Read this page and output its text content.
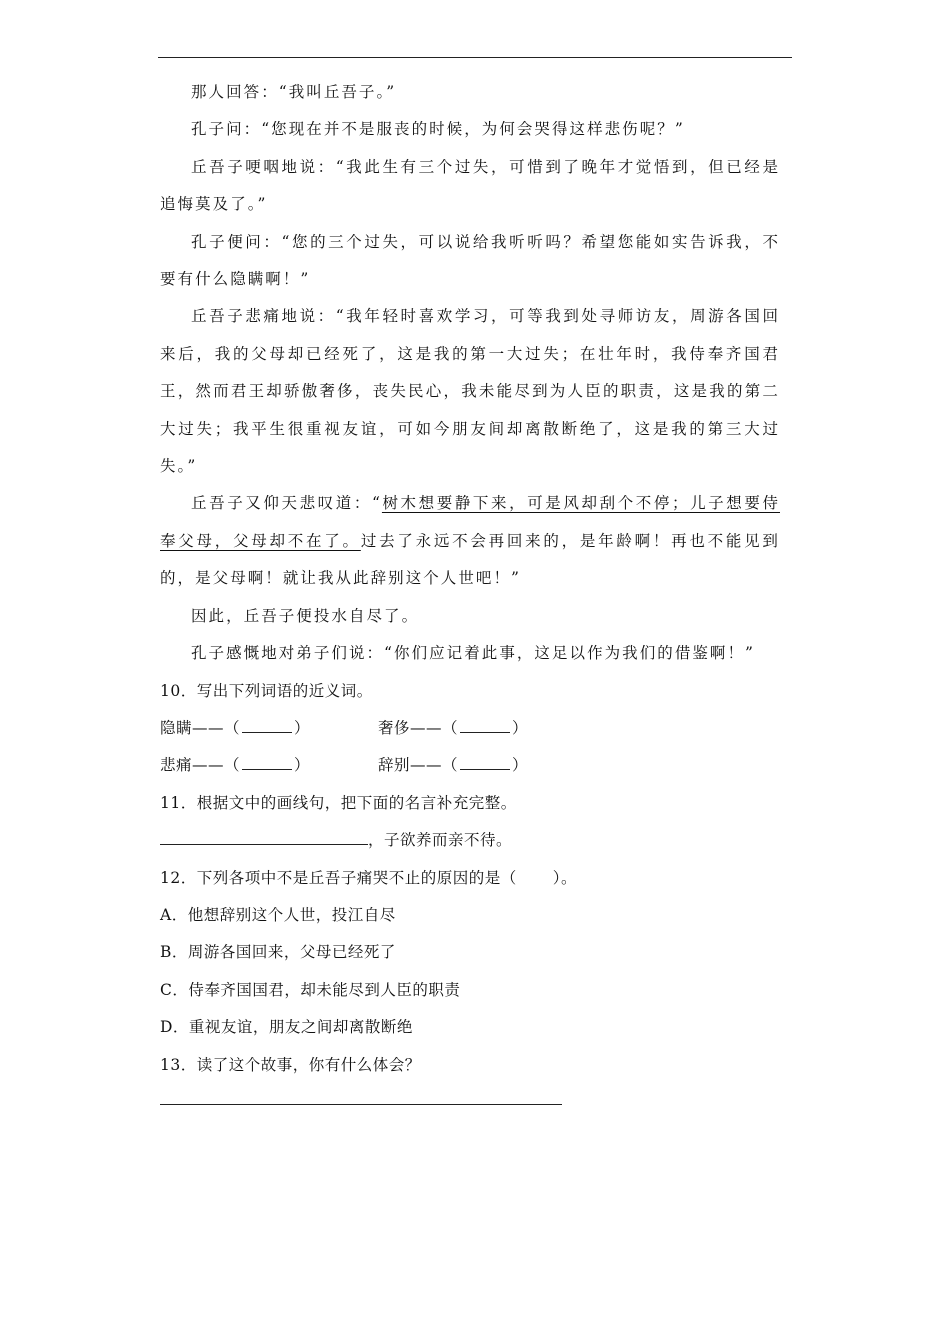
那人回答：“我叫丘吾子。”

孔子问：“您现在并不是服丧的时候，为何会哭得这样悲伤呢？”

丘吾子哽咽地说：“我此生有三个过失，可惜到了晚年才觉悟到，但已经是追悔莫及了。”

孔子便问：“您的三个过失，可以说给我听听吗？希望您能如实告诉我，不要有什么隐瞒啊！”

丘吾子悲痛地说：“我年轻时喜欢学习，可等我到处寻师访友，周游各国回来后，我的父母却已经死了，这是我的第一大过失；在壮年时，我侍奉齐国君王，然而君王却骄傲奢侈，丧失民心，我未能尽到为人臣的职责，这是我的第二大过失；我平生很重视友谊，可如今朋友间却离散断绝了，这是我的第三大过失。”

丘吾子又仰天悲叹道：“树木想要静下来，可是风却刮个不停；儿子想要侍奉父母，父母却不在了。过去了永远不会再回来的，是年龄啊！再也不能见到的，是父母啊！就让我从此辞别这个人世吧！”

因此，丘吾子便投水自尽了。

孔子感慨地对弟子们说：“你们应记着此事，这足以作为我们的借鉴啊！”

10．写出下列词语的近义词。

隐瞒——（	）	奢侈——（	）
悲痛——（	）	辞别——（	）

11．根据文中的画线句，把下面的名言补充完整。

，子欲养而亲不待。

12．下列各项中不是丘吾子痛哭不止的原因的是（ ）。

A．他想辞别这个人世，投江自尽

B．周游各国回来，父母已经死了

C．侍奉齐国国君，却未能尽到人臣的职责

D．重视友谊，朋友之间却离散断绝

13．读了这个故事，你有什么体会？
